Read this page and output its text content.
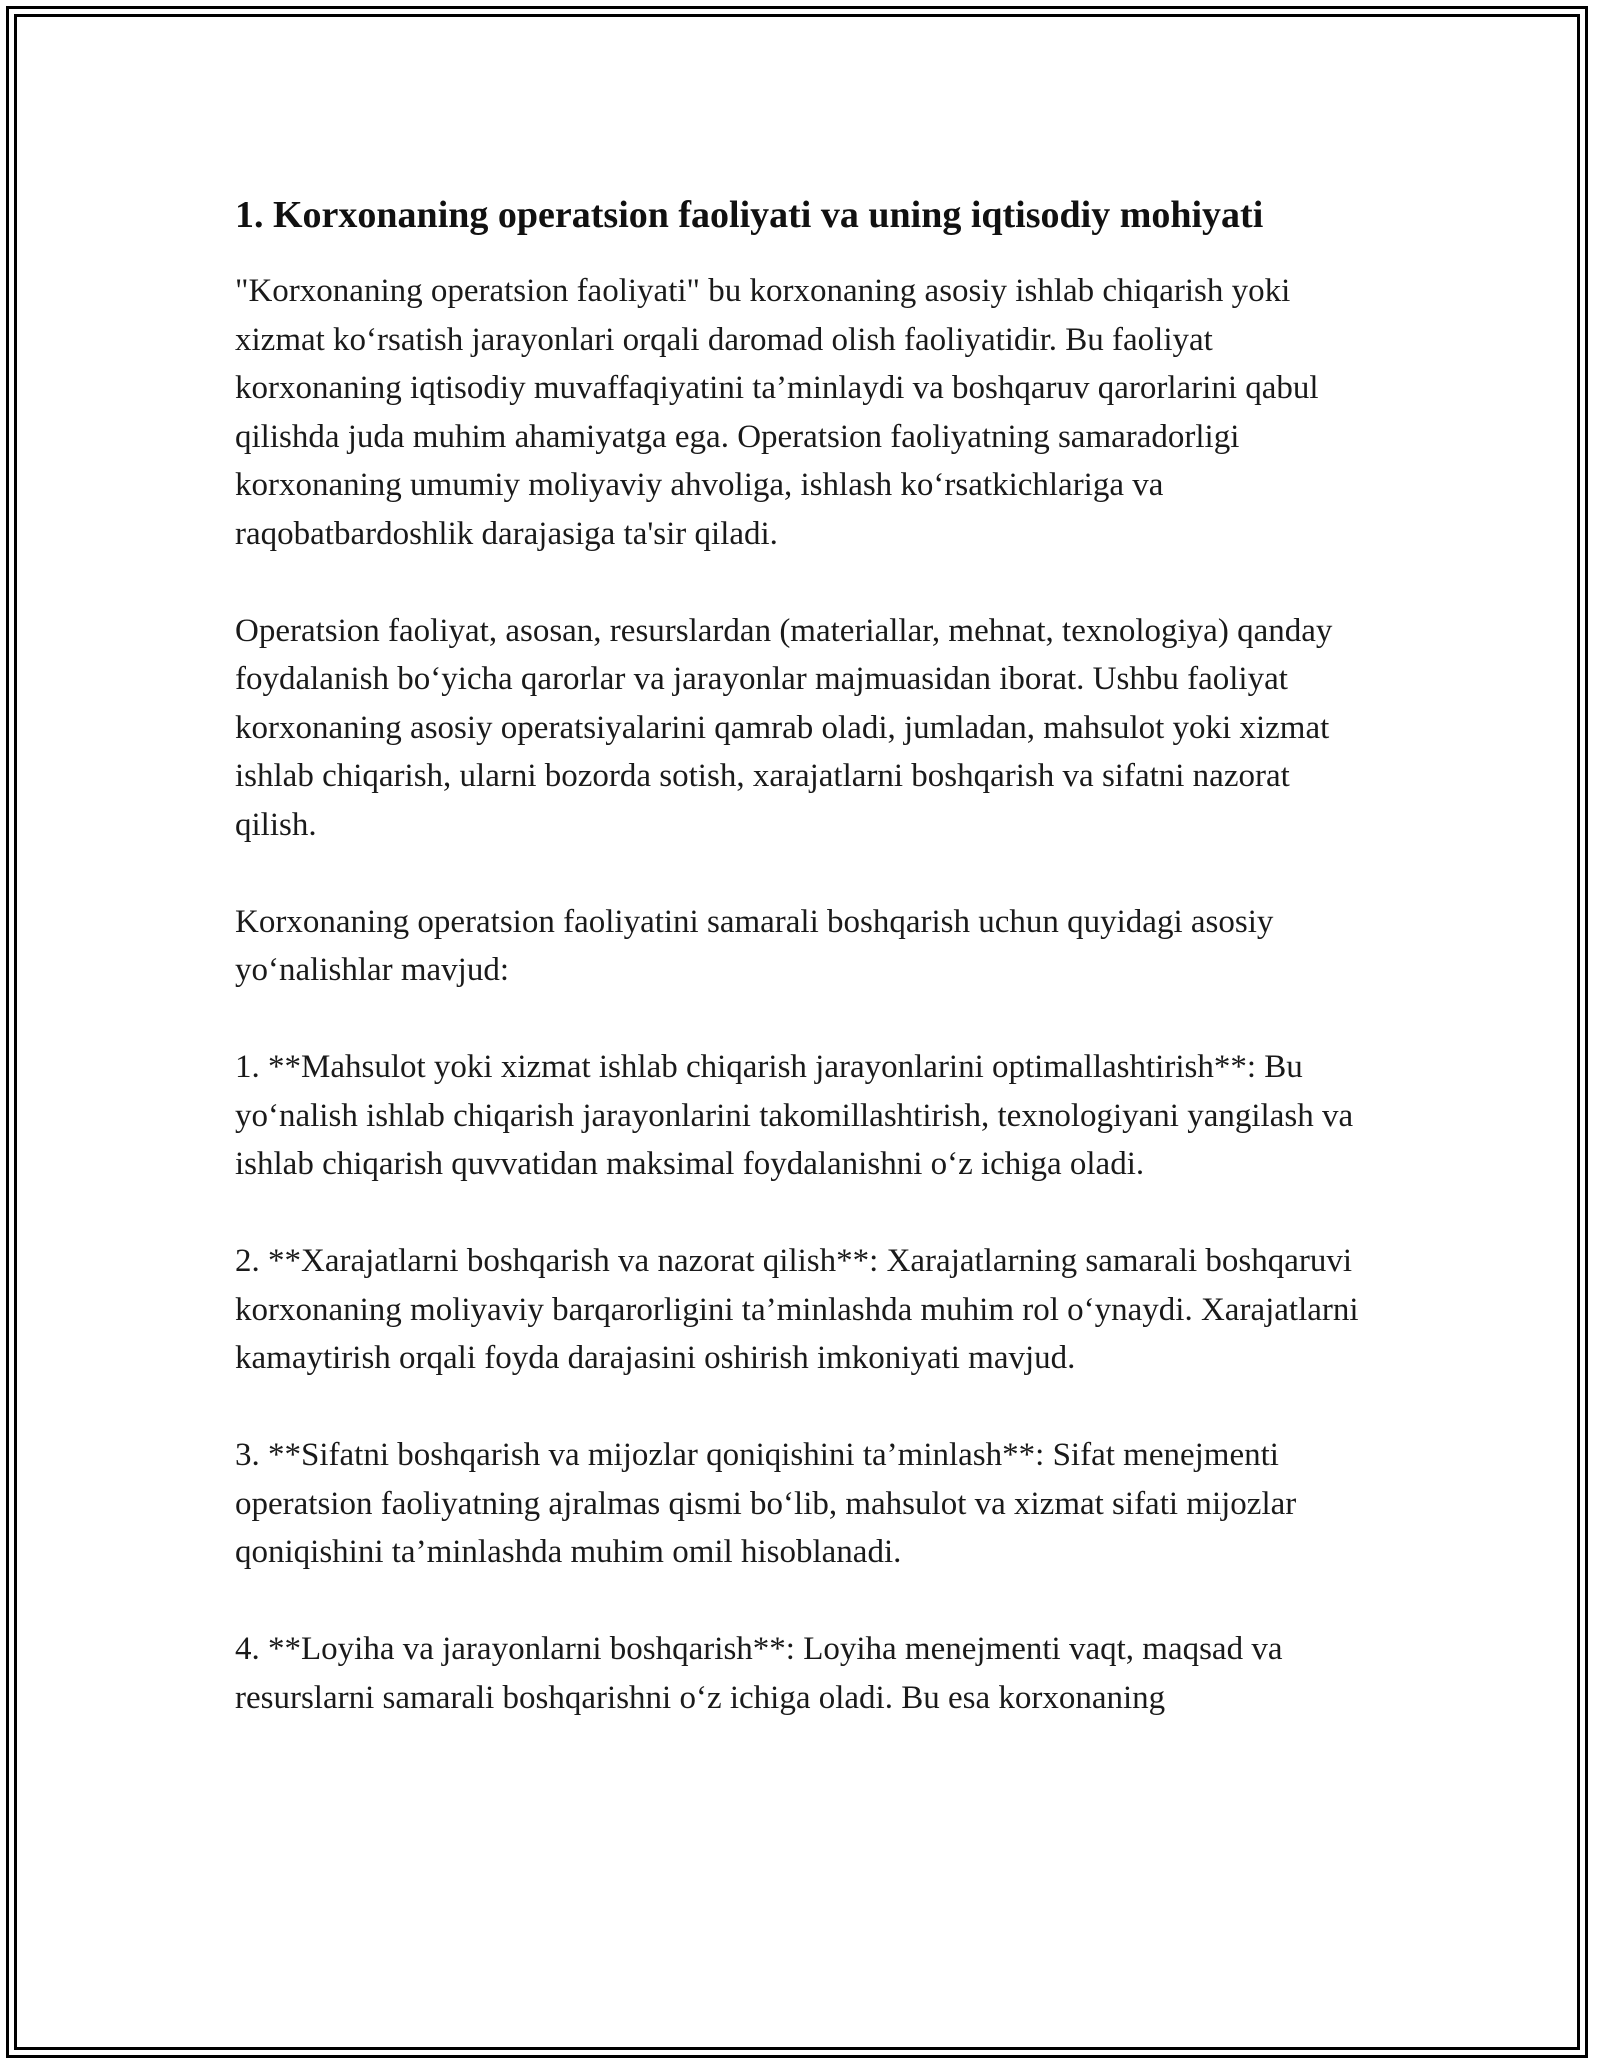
1. Korxonaning operatsion faoliyati va uning iqtisodiy mohiyati

"Korxonaning operatsion faoliyati" bu korxonaning asosiy ishlab chiqarish yoki xizmat ko‘rsatish jarayonlari orqali daromad olish faoliyatidir. Bu faoliyat korxonaning iqtisodiy muvaffaqiyatini ta’minlaydi va boshqaruv qarorlarini qabul qilishda juda muhim ahamiyatga ega. Operatsion faoliyatning samaradorligi korxonaning umumiy moliyaviy ahvoliga, ishlash ko‘rsatkichlariga va raqobatbardoshlik darajasiga ta'sir qiladi.

Operatsion faoliyat, asosan, resurslardan (materiallar, mehnat, texnologiya) qanday foydalanish bo‘yicha qarorlar va jarayonlar majmuasidan iborat. Ushbu faoliyat korxonaning asosiy operatsiyalarini qamrab oladi, jumladan, mahsulot yoki xizmat ishlab chiqarish, ularni bozorda sotish, xarajatlarni boshqarish va sifatni nazorat qilish.

Korxonaning operatsion faoliyatini samarali boshqarish uchun quyidagi asosiy yo‘nalishlar mavjud:

1. **Mahsulot yoki xizmat ishlab chiqarish jarayonlarini optimallashtirish**: Bu yo‘nalish ishlab chiqarish jarayonlarini takomillashtirish, texnologiyani yangilash va ishlab chiqarish quvvatidan maksimal foydalanishni o‘z ichiga oladi.

2. **Xarajatlarni boshqarish va nazorat qilish**: Xarajatlarning samarali boshqaruvi korxonaning moliyaviy barqarorligini ta’minlashda muhim rol o‘ynaydi. Xarajatlarni kamaytirish orqali foyda darajasini oshirish imkoniyati mavjud.

3. **Sifatni boshqarish va mijozlar qoniqishini ta’minlash**: Sifat menejmenti operatsion faoliyatning ajralmas qismi bo‘lib, mahsulot va xizmat sifati mijozlar qoniqishini ta’minlashda muhim omil hisoblanadi.

4. **Loyiha va jarayonlarni boshqarish**: Loyiha menejmenti vaqt, maqsad va resurslarni samarali boshqarishni o‘z ichiga oladi. Bu esa korxonaning
